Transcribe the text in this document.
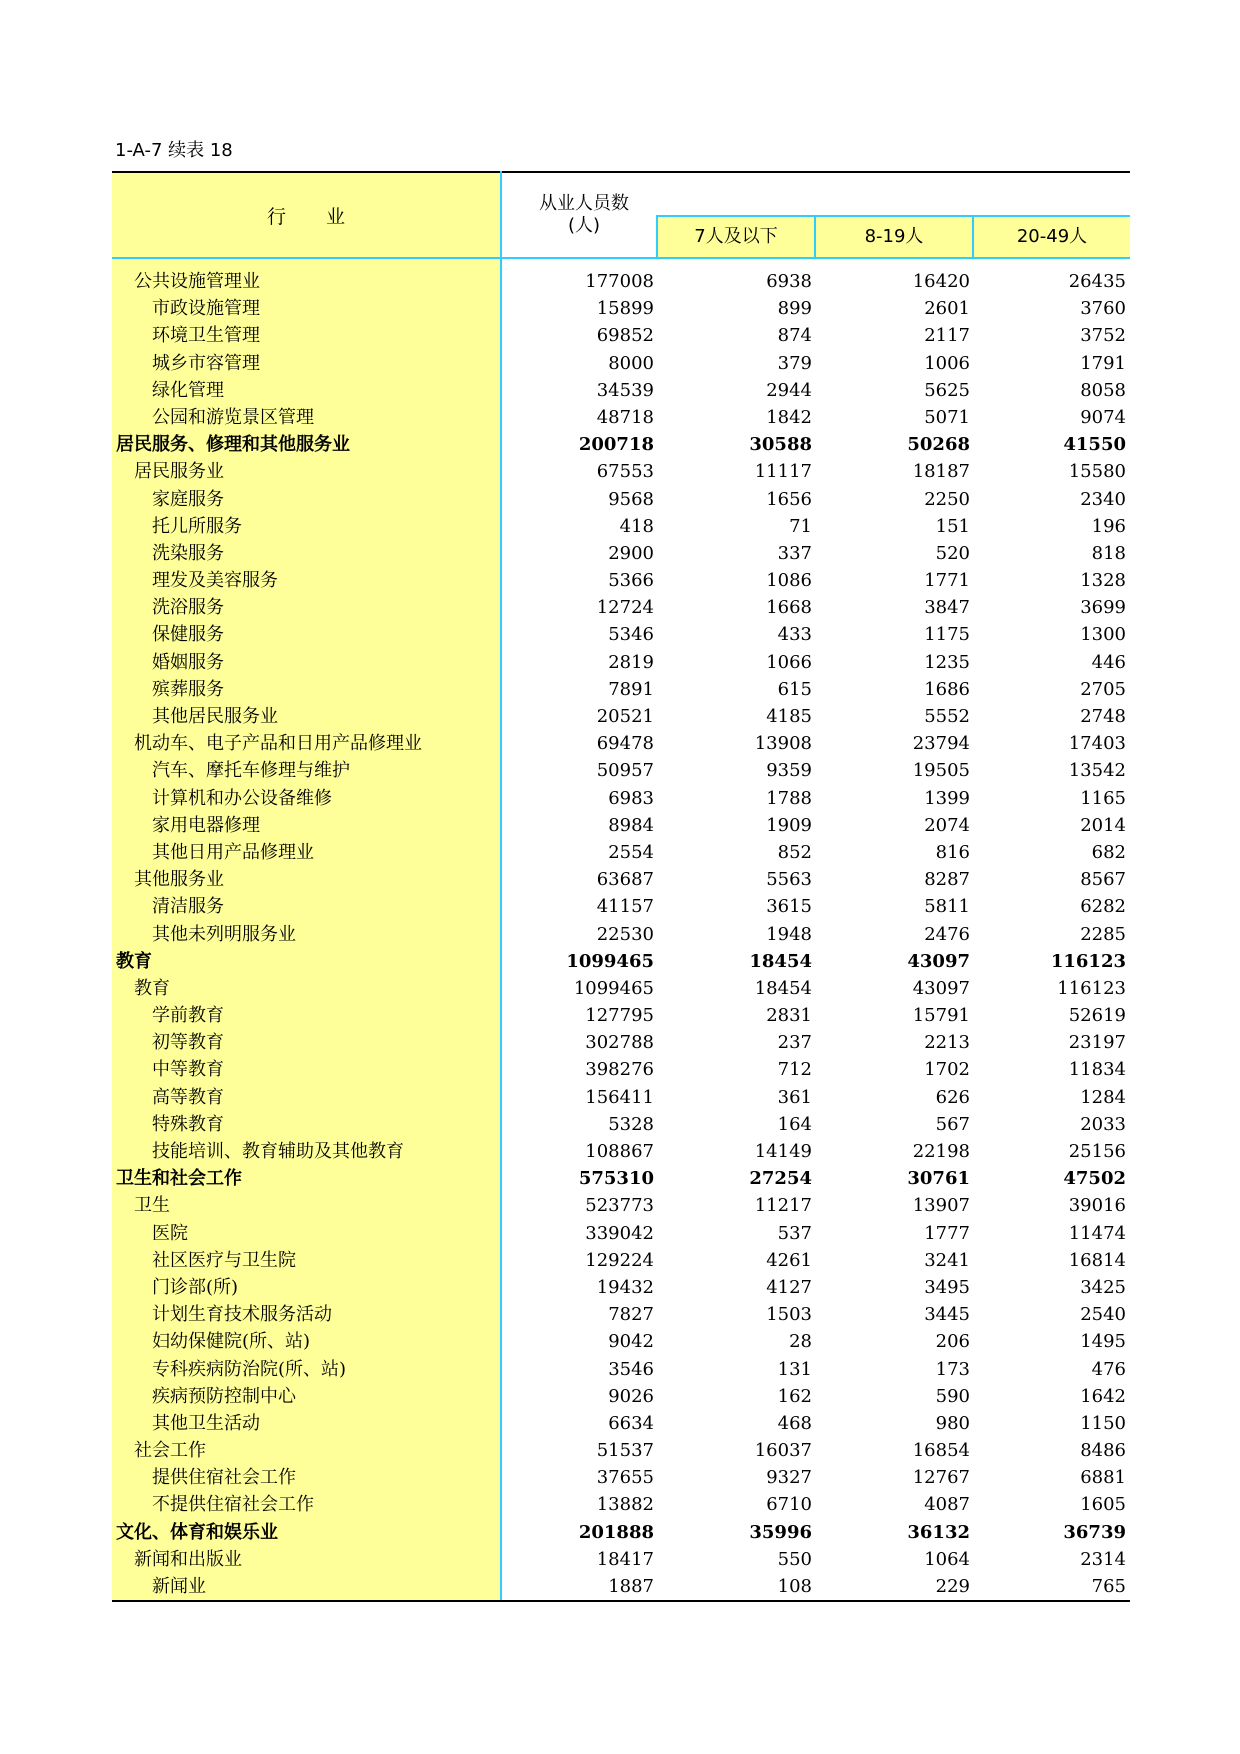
1-A-7 续表 18
行业
从业人员数
(人)
7人及以下	8-19人	20-49人
公共设施管理业	177008	6938	16420	26435
市政设施管理	15899	899	2601	3760
环境卫生管理	69852	874	2117	3752
城乡市容管理	8000	379	1006	1791
绿化管理	34539	2944	5625	8058
公园和游览景区管理	48718	1842	5071	9074
居民服务、修理和其他服务业	200718	30588	50268	41550
居民服务业	67553	11117	18187	15580
家庭服务	9568	1656	2250	2340
托儿所服务	418	71	151	196
洗染服务	2900	337	520	818
理发及美容服务	5366	1086	1771	1328
洗浴服务	12724	1668	3847	3699
保健服务	5346	433	1175	1300
婚姻服务	2819	1066	1235	446
殡葬服务	7891	615	1686	2705
其他居民服务业	20521	4185	5552	2748
机动车、电子产品和日用产品修理业	69478	13908	23794	17403
汽车、摩托车修理与维护	50957	9359	19505	13542
计算机和办公设备维修	6983	1788	1399	1165
家用电器修理	8984	1909	2074	2014
其他日用产品修理业	2554	852	816	682
其他服务业	63687	5563	8287	8567
清洁服务	41157	3615	5811	6282
其他未列明服务业	22530	1948	2476	2285
教育	1099465	18454	43097	116123
教育	1099465	18454	43097	116123
学前教育	127795	2831	15791	52619
初等教育	302788	237	2213	23197
中等教育	398276	712	1702	11834
高等教育	156411	361	626	1284
特殊教育	5328	164	567	2033
技能培训、教育辅助及其他教育	108867	14149	22198	25156
卫生和社会工作	575310	27254	30761	47502
卫生	523773	11217	13907	39016
医院	339042	537	1777	11474
社区医疗与卫生院	129224	4261	3241	16814
门诊部(所)	19432	4127	3495	3425
计划生育技术服务活动	7827	1503	3445	2540
妇幼保健院(所、站)	9042	28	206	1495
专科疾病防治院(所、站)	3546	131	173	476
疾病预防控制中心	9026	162	590	1642
其他卫生活动	6634	468	980	1150
社会工作	51537	16037	16854	8486
提供住宿社会工作	37655	9327	12767	6881
不提供住宿社会工作	13882	6710	4087	1605
文化、体育和娱乐业	201888	35996	36132	36739
新闻和出版业	18417	550	1064	2314
新闻业	1887	108	229	765
